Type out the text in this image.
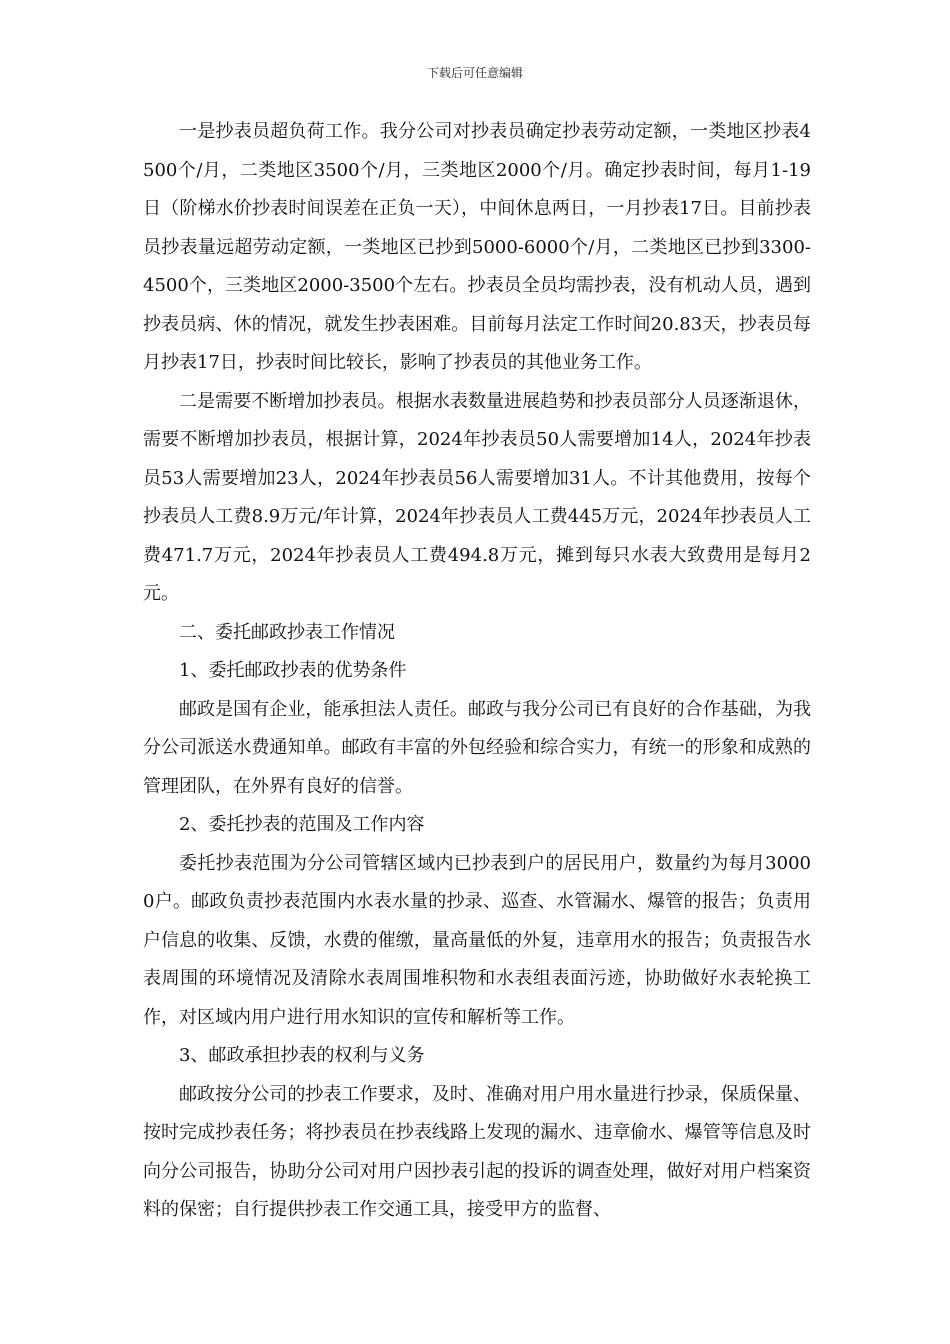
下载后可任意编辑

一是抄表员超负荷工作。我分公司对抄表员确定抄表劳动定额，一类地区抄表4500个/月，二类地区3500个/月，三类地区2000个/月。确定抄表时间，每月1-19日（阶梯水价抄表时间误差在正负一天），中间休息两日，一月抄表17日。目前抄表员抄表量远超劳动定额，一类地区已抄到5000-6000个/月，二类地区已抄到3300-4500个，三类地区2000-3500个左右。抄表员全员均需抄表，没有机动人员，遇到抄表员病、休的情况，就发生抄表困难。目前每月法定工作时间20.83天，抄表员每月抄表17日，抄表时间比较长，影响了抄表员的其他业务工作。

二是需要不断增加抄表员。根据水表数量进展趋势和抄表员部分人员逐渐退休，需要不断增加抄表员，根据计算，2024年抄表员50人需要增加14人，2024年抄表员53人需要增加23人，2024年抄表员56人需要增加31人。不计其他费用，按每个抄表员人工费8.9万元/年计算，2024年抄表员人工费445万元，2024年抄表员人工费471.7万元，2024年抄表员人工费494.8万元，摊到每只水表大致费用是每月2元。

二、委托邮政抄表工作情况

1、委托邮政抄表的优势条件

邮政是国有企业，能承担法人责任。邮政与我分公司已有良好的合作基础，为我分公司派送水费通知单。邮政有丰富的外包经验和综合实力，有统一的形象和成熟的管理团队，在外界有良好的信誉。

2、委托抄表的范围及工作内容

委托抄表范围为分公司管辖区域内已抄表到户的居民用户，数量约为每月30000户。邮政负责抄表范围内水表水量的抄录、巡查、水管漏水、爆管的报告；负责用户信息的收集、反馈，水费的催缴，量高量低的外复，违章用水的报告；负责报告水表周围的环境情况及清除水表周围堆积物和水表组表面污迹，协助做好水表轮换工作，对区域内用户进行用水知识的宣传和解析等工作。

3、邮政承担抄表的权利与义务

邮政按分公司的抄表工作要求，及时、准确对用户用水量进行抄录，保质保量、按时完成抄表任务；将抄表员在抄表线路上发现的漏水、违章偷水、爆管等信息及时向分公司报告，协助分公司对用户因抄表引起的投诉的调查处理，做好对用户档案资料的保密；自行提供抄表工作交通工具，接受甲方的监督、
